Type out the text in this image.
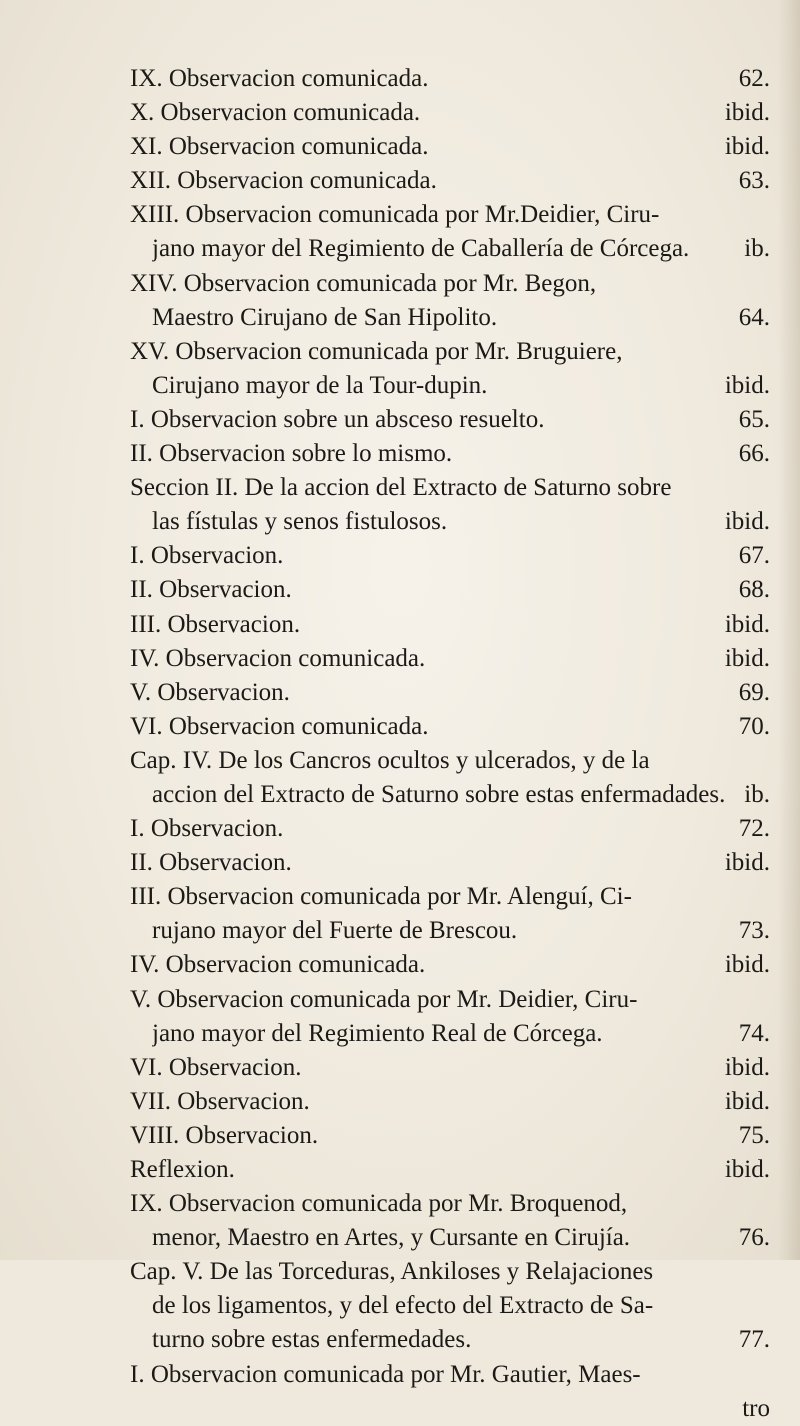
IX. Observacion comunicada.	62.
X. Observacion comunicada.	ibid.
XI. Observacion comunicada.	ibid.
XII. Observacion comunicada.	63.
XIII. Observacion comunicada por Mr.Deidier, Ciru-
jano mayor del Regimiento de Caballería de Córcega.	ib.
XIV. Observacion comunicada por Mr. Begon,
Maestro Cirujano de San Hipolito.	64.
XV. Observacion comunicada por Mr. Bruguiere,
Cirujano mayor de la Tour-dupin.	ibid.
I. Observacion sobre un absceso resuelto.	65.
II. Observacion sobre lo mismo.	66.
Seccion II. De la accion del Extracto de Saturno sobre
las fístulas y senos fistulosos.	ibid.
I. Observacion.	67.
II. Observacion.	68.
III. Observacion.	ibid.
IV. Observacion comunicada.	ibid.
V. Observacion.	69.
VI. Observacion comunicada.	70.
Cap. IV. De los Cancros ocultos y ulcerados, y de la
accion del Extracto de Saturno sobre estas enfermadades. ib.
I. Observacion.	72.
II. Observacion.	ibid.
III. Observacion comunicada por Mr. Alenguí, Ci-
rujano mayor del Fuerte de Brescou.	73.
IV. Observacion comunicada.	ibid.
V. Observacion comunicada por Mr. Deidier, Ciru-
jano mayor del Regimiento Real de Córcega.	74.
VI. Observacion.	ibid.
VII. Observacion.	ibid.
VIII. Observacion.	75.
Reflexion.	ibid.
IX. Observacion comunicada por Mr. Broquenod,
menor, Maestro en Artes, y Cursante en Cirujía.	76.
Cap. V. De las Torceduras, Ankiloses y Relajaciones
de los ligamentos, y del efecto del Extracto de Sa-
turno sobre estas enfermedades.	77.
I. Observacion comunicada por Mr. Gautier, Maes-
tro
